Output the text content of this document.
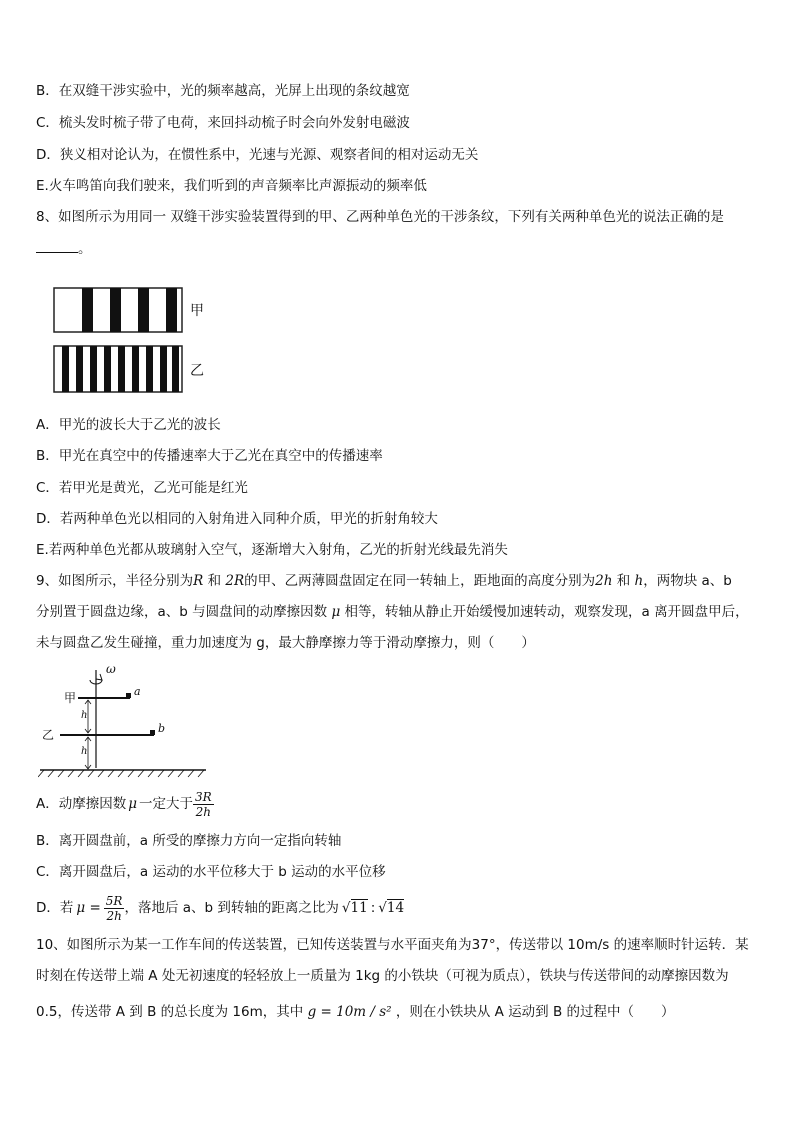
B．在双缝干涉实验中，光的频率越高，光屏上出现的条纹越宽
C．梳头发时梳子带了电荷，来回抖动梳子时会向外发射电磁波
D．狭义相对论认为，在惯性系中，光速与光源、观察者间的相对运动无关
E.火车鸣笛向我们驶来，我们听到的声音频率比声源振动的频率低
8、如图所示为用同一 双缝干涉实验装置得到的甲、乙两种单色光的干涉条纹，下列有关两种单色光的说法正确的是
。
甲
乙
A．甲光的波长大于乙光的波长
B．甲光在真空中的传播速率大于乙光在真空中的传播速率
C．若甲光是黄光，乙光可能是红光
D．若两种单色光以相同的入射角进入同种介质，甲光的折射角较大
E.若两种单色光都从玻璃射入空气，逐渐增大入射角，乙光的折射光线最先消失
9、如图所示，半径分别为R 和 2R的甲、乙两薄圆盘固定在同一转轴上，距地面的高度分别为2h 和 h，两物块 a、b
分别置于圆盘边缘，a、b 与圆盘间的动摩擦因数 μ 相等，转轴从静止开始缓慢加速转动，观察发现，a 离开圆盘甲后，
未与圆盘乙发生碰撞，重力加速度为 g，最大静摩擦力等于滑动摩擦力，则（　　）
ω
甲
乙
a
b
h
h
A．动摩擦因数 μ 一定大于 $\frac{3R}{2h}$
B．离开圆盘前，a 所受的摩擦力方向一定指向转轴
C．离开圆盘后，a 运动的水平位移大于 b 运动的水平位移
D．若 $\mu = \frac{5R}{2h}$ ，落地后 a、b 到转轴的距离之比为 √11 : √14
10、如图所示为某一工作车间的传送装置，已知传送装置与水平面夹角为37°，传送带以 10m/s 的速率顺时针运转．某
时刻在传送带上端 A 处无初速度的轻轻放上一质量为 1kg 的小铁块（可视为质点），铁块与传送带间的动摩擦因数为
0.5，传送带 A 到 B 的总长度为 16m，其中 g = 10m / s² ，则在小铁块从 A 运动到 B 的过程中（　　）
